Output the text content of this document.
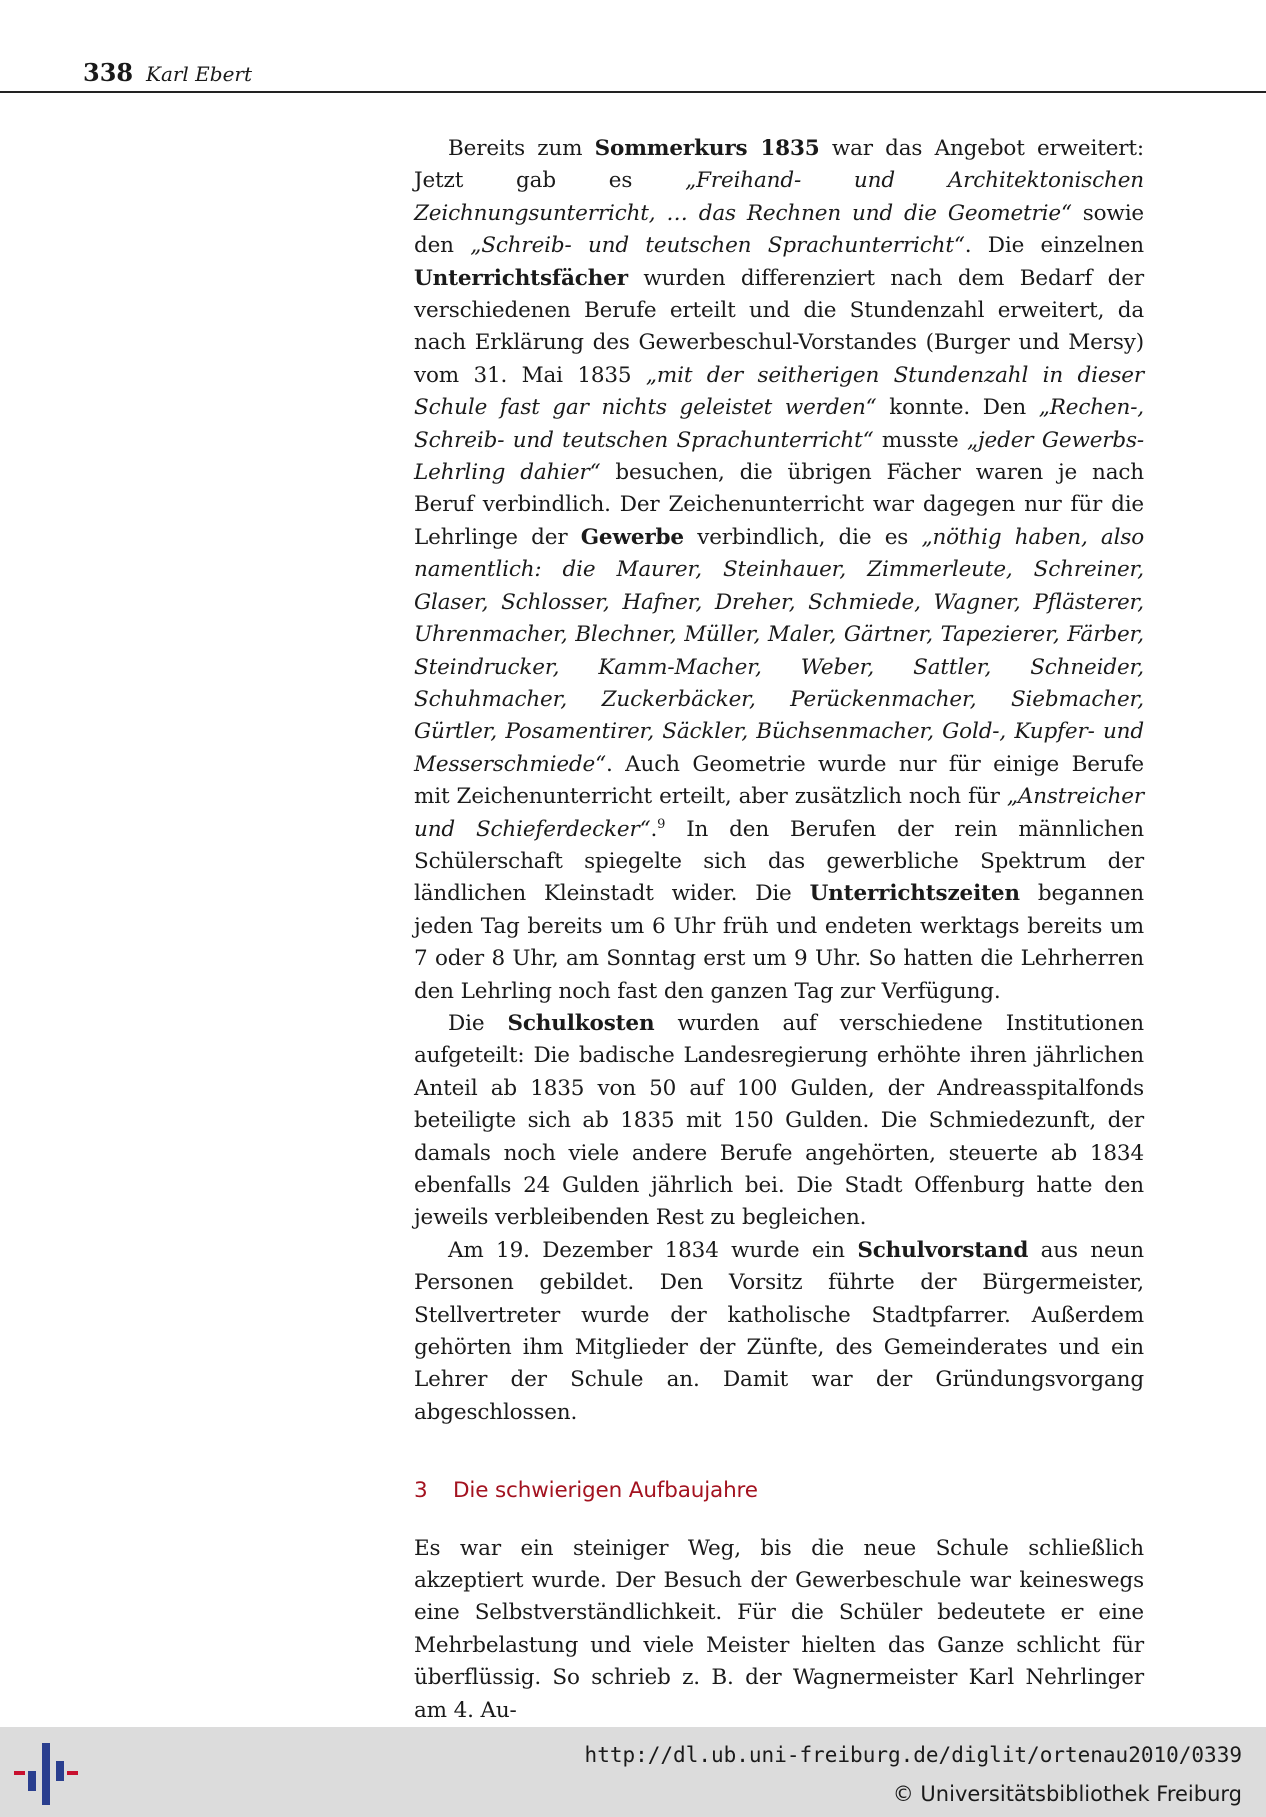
338 Karl Ebert

Bereits zum Sommerkurs 1835 war das Angebot erweitert: Jetzt gab es „Freihand- und Architektonischen Zeichnungsunterricht, … das Rechnen und die Geometrie“ sowie den „Schreib- und teutschen Sprachunterricht“. Die einzelnen Unterrichtsfächer wurden differenziert nach dem Bedarf der verschiedenen Berufe erteilt und die Stundenzahl erweitert, da nach Erklärung des Gewerbeschul-Vorstandes (Burger und Mersy) vom 31. Mai 1835 „mit der seitherigen Stundenzahl in dieser Schule fast gar nichts geleistet werden“ konnte. Den „Rechen-, Schreib- und teutschen Sprachunterricht“ musste „jeder Gewerbs-Lehrling dahier“ besuchen, die übrigen Fächer waren je nach Beruf verbindlich. Der Zeichenunterricht war dagegen nur für die Lehrlinge der Gewerbe verbindlich, die es „nöthig haben, also namentlich: die Maurer, Steinhauer, Zimmerleute, Schreiner, Glaser, Schlosser, Hafner, Dreher, Schmiede, Wagner, Pflästerer, Uhrenmacher, Blechner, Müller, Maler, Gärtner, Tapezierer, Färber, Steindrucker, Kamm-Macher, Weber, Sattler, Schneider, Schuhmacher, Zuckerbäcker, Perückenmacher, Siebmacher, Gürtler, Posamentirer, Säckler, Büchsenmacher, Gold-, Kupfer- und Messerschmiede“. Auch Geometrie wurde nur für einige Berufe mit Zeichenunterricht erteilt, aber zusätzlich noch für „Anstreicher und Schieferdecker“.$^9$ In den Berufen der rein männlichen Schülerschaft spiegelte sich das gewerbliche Spektrum der ländlichen Kleinstadt wider. Die Unterrichtszeiten begannen jeden Tag bereits um 6 Uhr früh und endeten werktags bereits um 7 oder 8 Uhr, am Sonntag erst um 9 Uhr. So hatten die Lehrherren den Lehrling noch fast den ganzen Tag zur Verfügung.

Die Schulkosten wurden auf verschiedene Institutionen aufgeteilt: Die badische Landesregierung erhöhte ihren jährlichen Anteil ab 1835 von 50 auf 100 Gulden, der Andreasspitalfonds beteiligte sich ab 1835 mit 150 Gulden. Die Schmiedezunft, der damals noch viele andere Berufe angehörten, steuerte ab 1834 ebenfalls 24 Gulden jährlich bei. Die Stadt Offenburg hatte den jeweils verbleibenden Rest zu begleichen.

Am 19. Dezember 1834 wurde ein Schulvorstand aus neun Personen gebildet. Den Vorsitz führte der Bürgermeister, Stellvertreter wurde der katholische Stadtpfarrer. Außerdem gehörten ihm Mitglieder der Zünfte, des Gemeinderates und ein Lehrer der Schule an. Damit war der Gründungsvorgang abgeschlossen.

3 Die schwierigen Aufbaujahre

Es war ein steiniger Weg, bis die neue Schule schließlich akzeptiert wurde. Der Besuch der Gewerbeschule war keineswegs eine Selbstverständlichkeit. Für die Schüler bedeutete er eine Mehrbelastung und viele Meister hielten das Ganze schlicht für überflüssig. So schrieb z. B. der Wagnermeister Karl Nehrlinger am 4. Au-

http://dl.ub.uni-freiburg.de/diglit/ortenau2010/0339
© Universitätsbibliothek Freiburg
